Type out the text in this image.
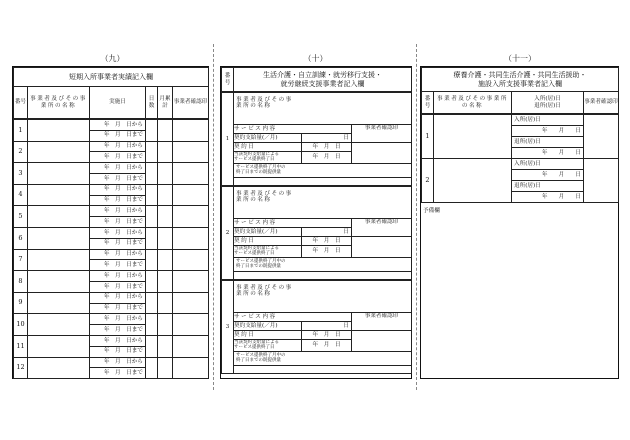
（九）
短期入所事業者実績記入欄
番号	事業者及びその事業所の名称	実施日	日数	月累計	事業者確認印
1		年　月　日から			
		年　月　日まで			
2		年　月　日から			
		年　月　日まで			
3		年　月　日から			
		年　月　日まで			
4		年　月　日から			
		年　月　日まで			
5		年　月　日から			
		年　月　日まで			
6		年　月　日から			
		年　月　日まで			
7		年　月　日から			
		年　月　日まで			
8		年　月　日から			
		年　月　日まで			
9		年　月　日から			
		年　月　日まで			
10		年　月　日から			
		年　月　日まで			
11		年　月　日から			
		年　月　日まで			
12		年　月　日から			
		年　月　日まで			
（十）
番号	
生活介護・自立訓練・就労移行支援・
就労継続支援事業者記入欄
1	事業者及びその事業所の名称		

	サービス内容		事業者確認印
	契約支給量(／月)	日	
	契約日	年　月　日	
	当該契約支給量による
サービス提供終了日	年　月　日	
	サービス提供終了月中の
終了日までの既提供量		

2	事業者及びその事業所の名称		

	サービス内容		事業者確認印
	契約支給量(／月)	日	
	契約日	年　月　日	
	当該契約支給量による
サービス提供終了日	年　月　日	
	サービス提供終了月中の
終了日までの既提供量		

3	事業者及びその事業所の名称		

	サービス内容		事業者確認印
	契約支給量(／月)	日	
	契約日	年　月　日	
	当該契約支給量による
サービス提供終了日	年　月　日	
	サービス提供終了月中の
終了日までの既提供量		

（十一）
療養介護・共同生活介護・共同生活援助・
施設入所支援事業者記入欄

番号	事業者及びその事業所の名称	
入所(居)日
退所(居)日
	事業者確認印
1		入所(居)日	
		年　　月　　日	
		退所(居)日	
		年　　月　　日	
2		入所(居)日	
		年　　月　　日	
		退所(居)日	
		年　　月　　日	
予備欄
